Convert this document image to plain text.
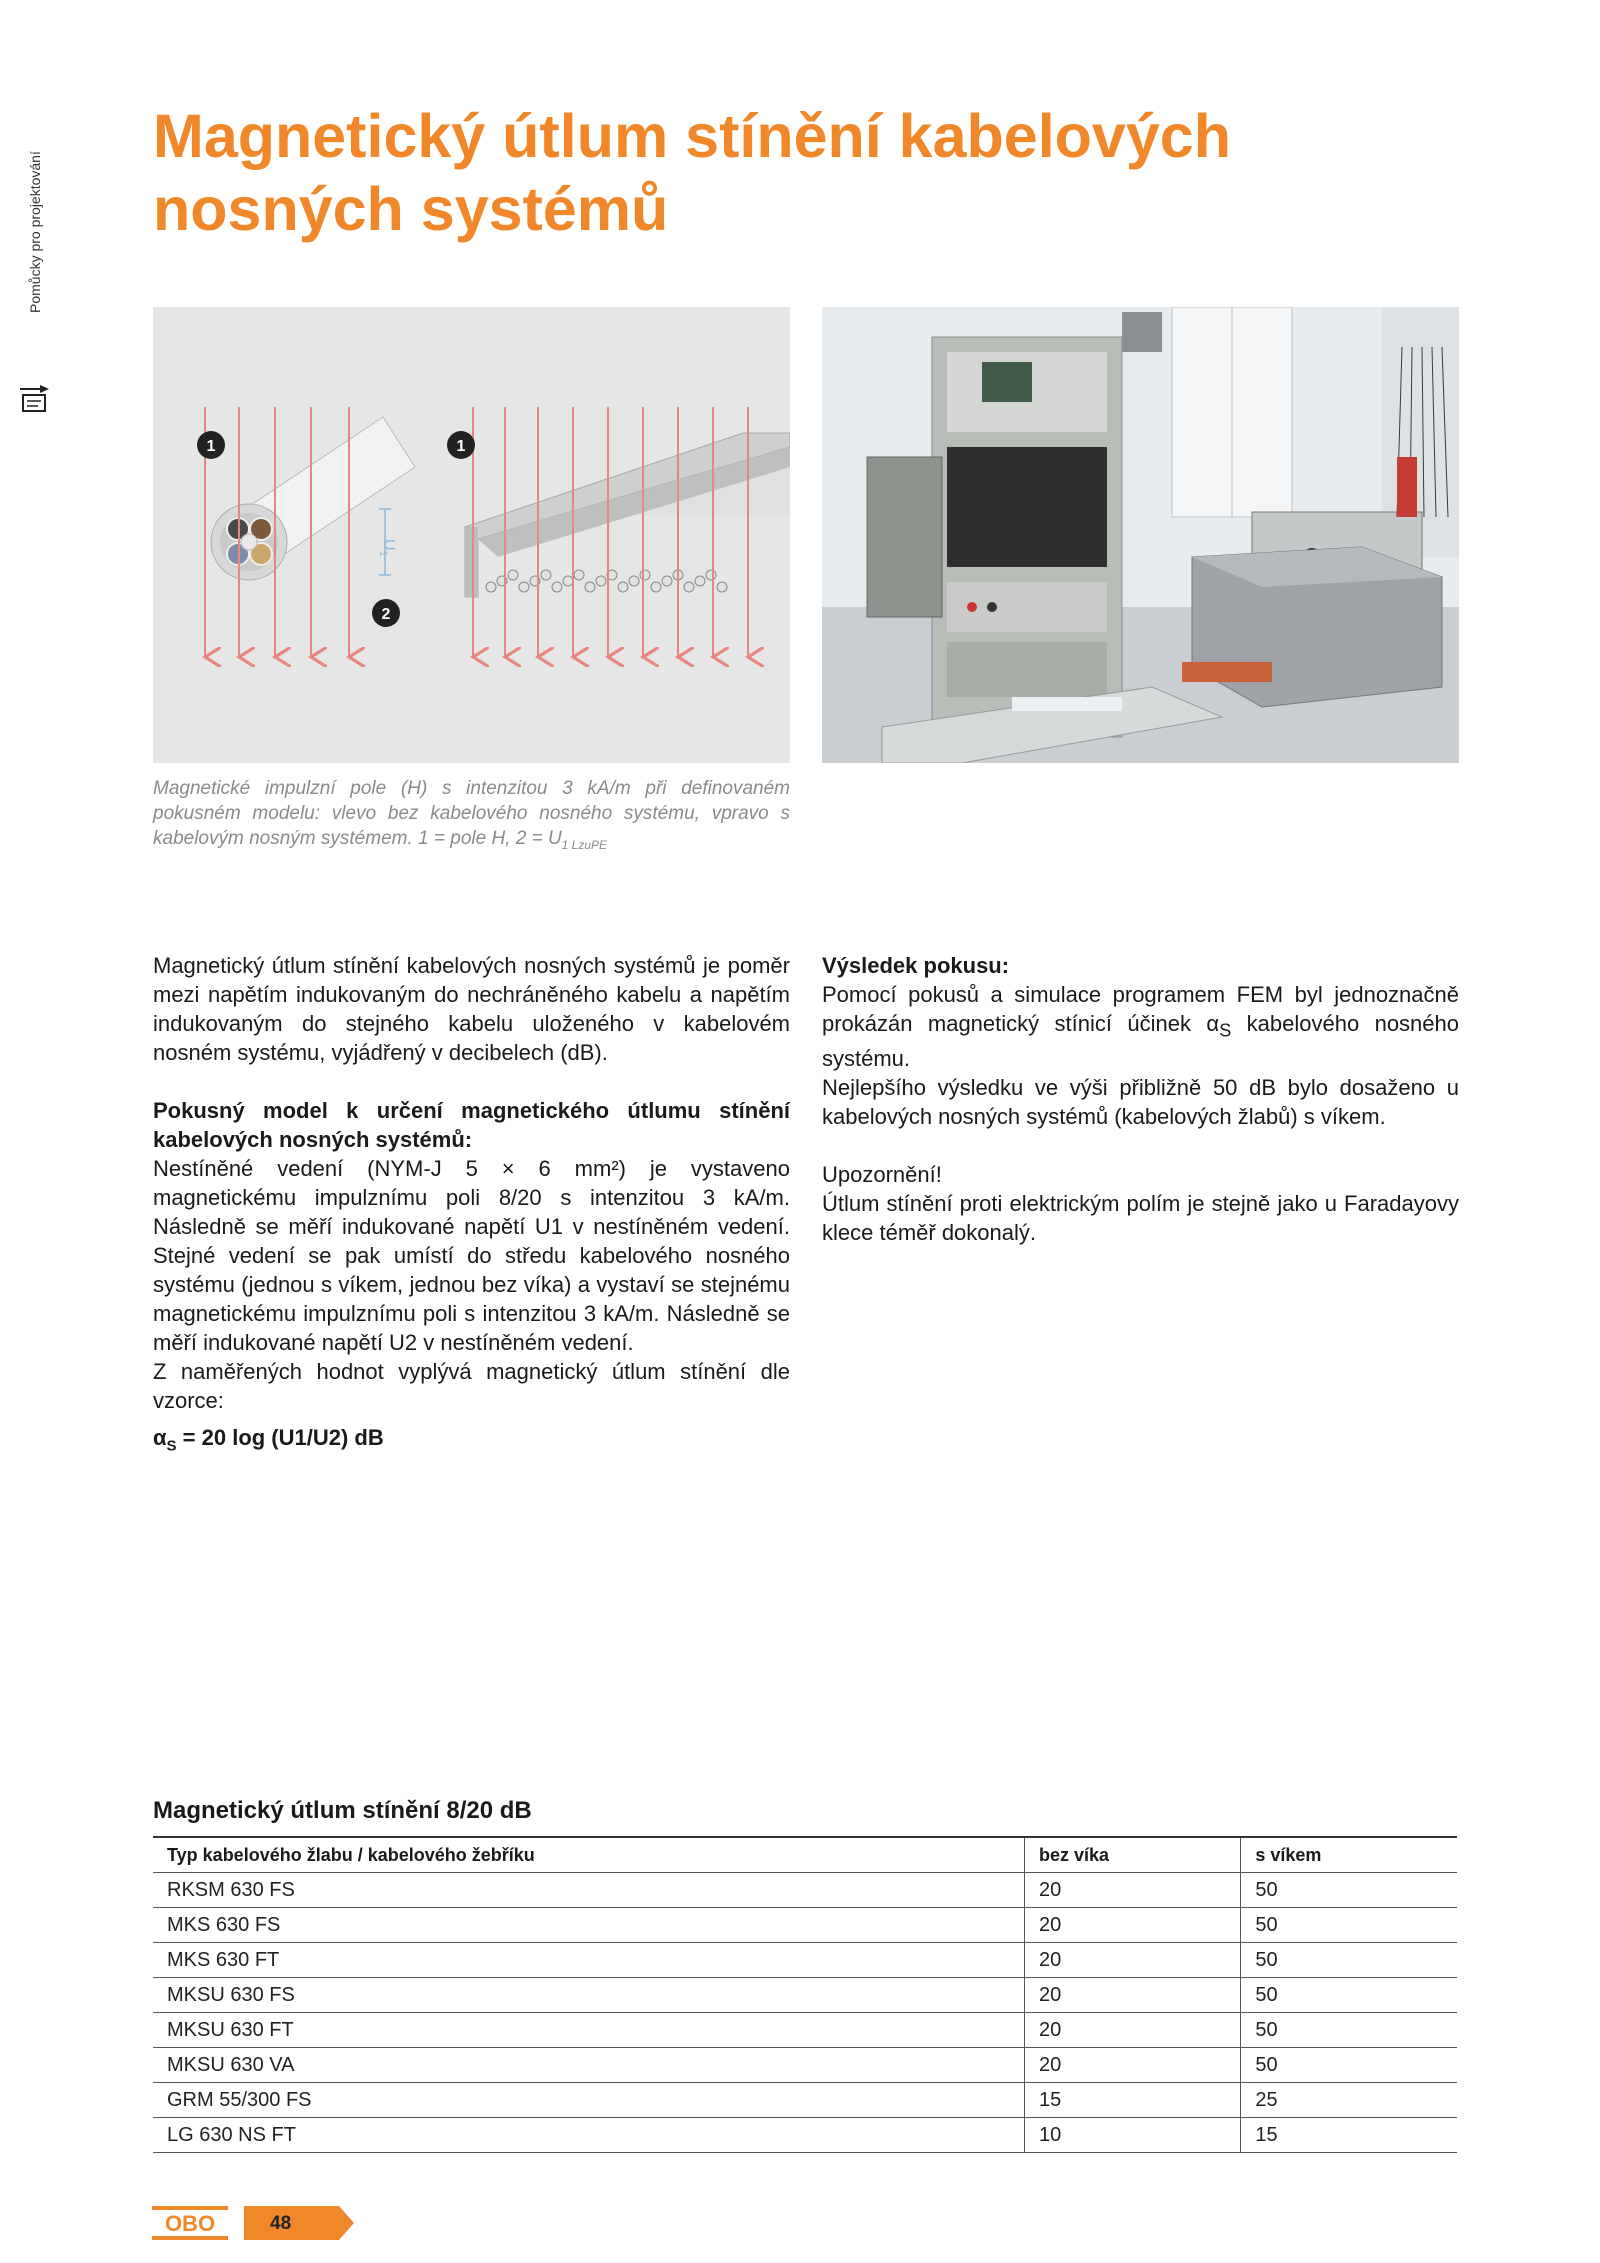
Pomůcky pro projektování
Magnetický útlum stínění kabelových nosných systémů
$U_1$
1	1
2
Magnetické impulzní pole (H) s intenzitou 3 kA/m při definovaném pokusném modelu: vlevo bez kabelového nosného systému, vpravo s kabelovým nosným systémem. 1 = pole H, $2 = U_{1 LzuPE}$

Magnetický útlum stínění kabelových nosných systémů je poměr mezi napětím indukovaným do nechráněného kabelu a napětím indukovaným do stejného kabelu uloženého v kabelovém nosném systému, vyjádřený v decibelech (dB).

Pokusný model k určení magnetického útlumu stínění kabelových nosných systémů:

Nestíněné vedení (NYM-J 5 × 6 mm²) je vystaveno magnetickému impulznímu poli 8/20 s intenzitou 3 kA/m. Následně se měří indukované napětí U1 v nestíněném vedení. Stejné vedení se pak umístí do středu kabelového nosného systému (jednou s víkem, jednou bez víka) a vystaví se stejnému magnetickému impulznímu poli s intenzitou 3 kA/m. Následně se měří indukované napětí U2 v nestíněném vedení.

Z naměřených hodnot vyplývá magnetický útlum stínění dle vzorce:

$\alpha_S = 20$ log (U1/U2) dB

Výsledek pokusu:

Pomocí pokusů a simulace programem FEM byl jednoznačně prokázán magnetický stínicí účinek $\alpha_S$ kabelového nosného systému.

Nejlepšího výsledku ve výši přibližně 50 dB bylo dosaženo u kabelových nosných systémů (kabelových žlabů) s víkem.

Upozornění!

Útlum stínění proti elektrickým polím je stejně jako u Faradayovy klece téměř dokonalý.

Magnetický útlum stínění 8/20 dB
Typ kabelového žlabu / kabelového žebříku	bez víka	s víkem
RKSM 630 FS	20	50
MKS 630 FS	20	50
MKS 630 FT	20	50
MKSU 630 FS	20	50
MKSU 630 FT	20	50
MKSU 630 VA	20	50
GRM 55/300 FS	15	25
LG 630 NS FT	10	15
OBO	48
